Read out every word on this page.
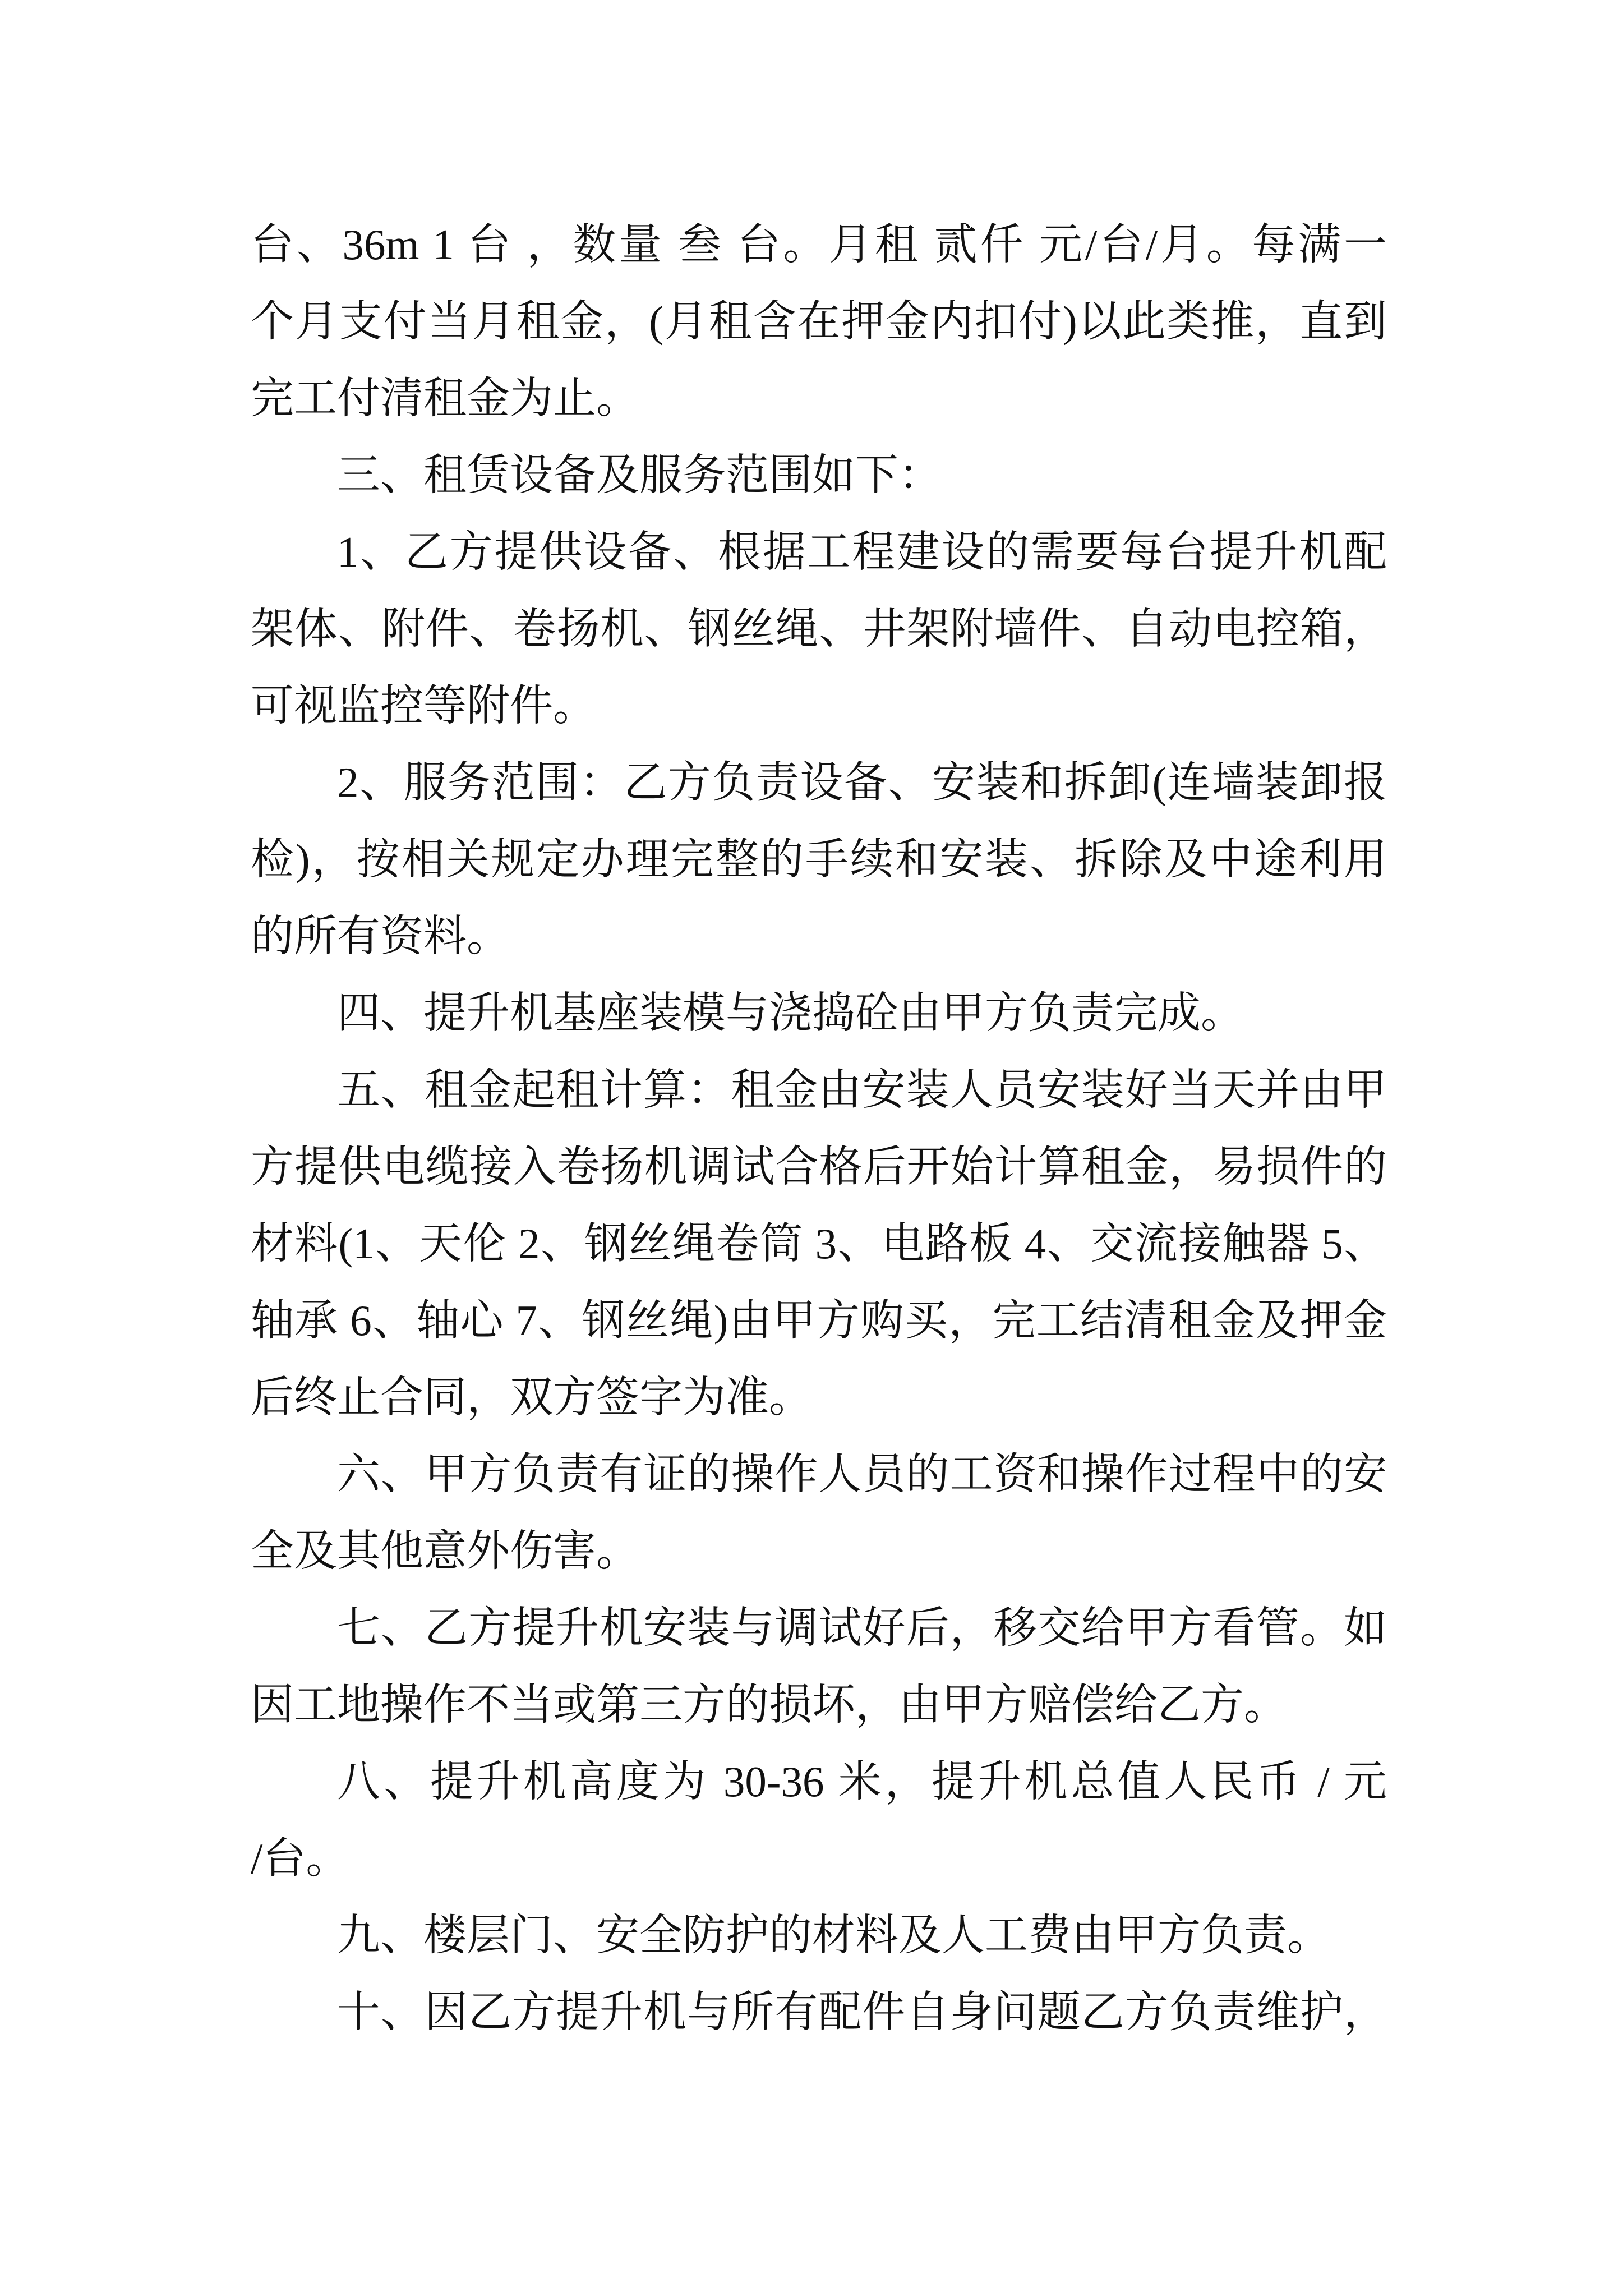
台、36m 1 台 ，数量 叁 台。月租 贰仟 元/台/月。每满一
个月支付当月租金，(月租含在押金内扣付)以此类推，直到
完工付清租金为止。
三、租赁设备及服务范围如下：
1、乙方提供设备、根据工程建设的需要每台提升机配
架体、附件、卷扬机、钢丝绳、井架附墙件、自动电控箱，
可视监控等附件。
2、服务范围：乙方负责设备、安装和拆卸(连墙装卸报
检)，按相关规定办理完整的手续和安装、拆除及中途利用
的所有资料。
四、提升机基座装模与浇捣砼由甲方负责完成。
五、租金起租计算：租金由安装人员安装好当天并由甲
方提供电缆接入卷扬机调试合格后开始计算租金，易损件的
材料(1、天伦 2、钢丝绳卷筒 3、电路板 4、交流接触器 5、
轴承 6、轴心 7、钢丝绳)由甲方购买，完工结清租金及押金
后终止合同，双方签字为准。
六、甲方负责有证的操作人员的工资和操作过程中的安
全及其他意外伤害。
七、乙方提升机安装与调试好后，移交给甲方看管。如
因工地操作不当或第三方的损坏，由甲方赔偿给乙方。
八、提升机高度为 30-36 米，提升机总值人民币 / 元
/台。
九、楼层门、安全防护的材料及人工费由甲方负责。
十、因乙方提升机与所有配件自身问题乙方负责维护，
